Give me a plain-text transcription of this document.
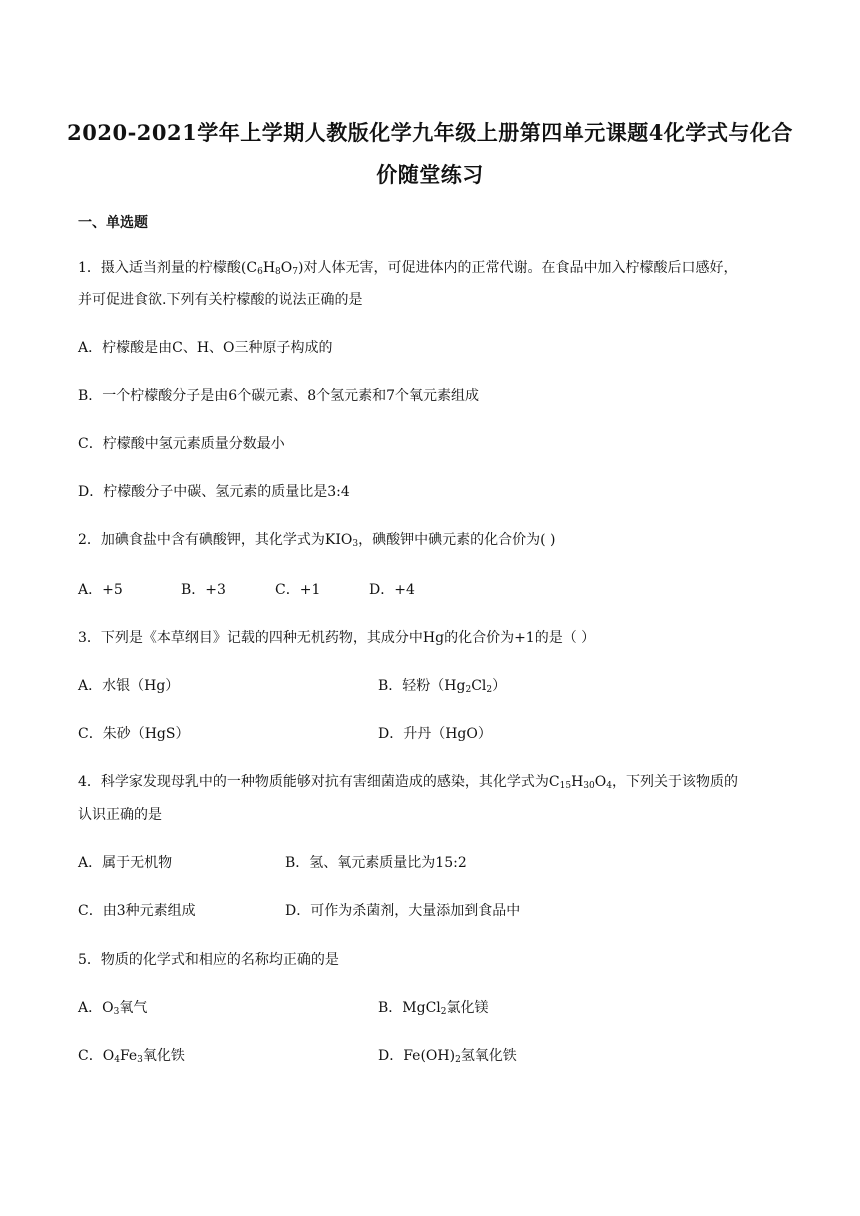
2020-2021学年上学期人教版化学九年级上册第四单元课题4化学式与化合
价随堂练习
一、单选题
1．摄入适当剂量的柠檬酸$(C_6H_8O_7)$对人体无害，可促进体内的正常代谢。在食品中加入柠檬酸后口感好，
并可促进食欲.下列有关柠檬酸的说法正确的是
A．柠檬酸是由C、H、O三种原子构成的
B．一个柠檬酸分子是由6个碳元素、8个氢元素和7个氧元素组成
C．柠檬酸中氢元素质量分数最小
D．柠檬酸分子中碳、氢元素的质量比是3:4
2．加碘食盐中含有碘酸钾，其化学式为$KIO_3$，碘酸钾中碘元素的化合价为( )
A．+5	B．+3	C．+1	D．+4
3．下列是《本草纲目》记载的四种无机药物，其成分中Hg的化合价为+1的是（ ）
A．水银（Hg）	B．轻粉$(Hg_2Cl_2)$
C．朱砂（HgS）	D．升丹（HgO）
4．科学家发现母乳中的一种物质能够对抗有害细菌造成的感染，其化学式为$C_{15}H_{30}O_4$，下列关于该物质的
认识正确的是
A．属于无机物	B．氢、氧元素质量比为15:2
C．由3种元素组成	D．可作为杀菌剂，大量添加到食品中
5．物质的化学式和相应的名称均正确的是
A．$O_3$氧气	B．MgCl$_2$氯化镁
C．$O_4Fe_3$氧化铁	D．$Fe(OH)_2$氢氧化铁
